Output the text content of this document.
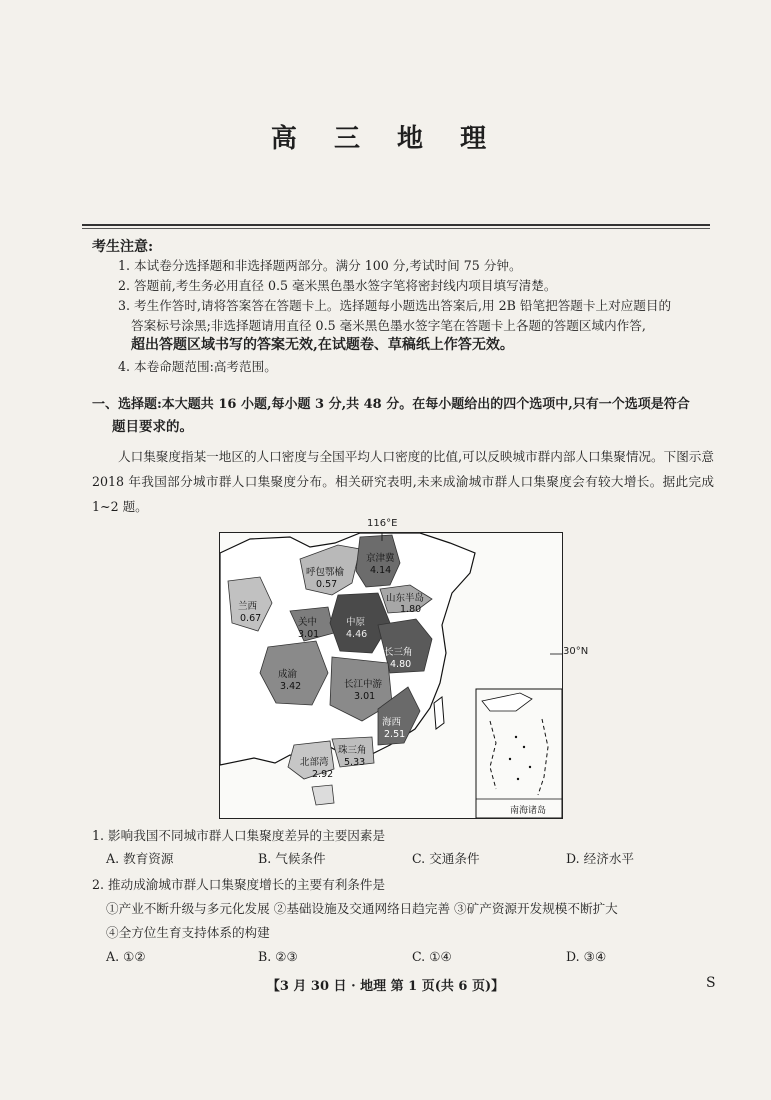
高 三 地 理
考生注意:
1. 本试卷分选择题和非选择题两部分。满分 100 分,考试时间 75 分钟。
2. 答题前,考生务必用直径 0.5 毫米黑色墨水签字笔将密封线内项目填写清楚。
3. 考生作答时,请将答案答在答题卡上。选择题每小题选出答案后,用 2B 铅笔把答题卡上对应题目的
答案标号涂黑;非选择题请用直径 0.5 毫米黑色墨水签字笔在答题卡上各题的答题区域内作答,
超出答题区域书写的答案无效,在试题卷、草稿纸上作答无效。
4. 本卷命题范围:高考范围。
一、选择题:本大题共 16 小题,每小题 3 分,共 48 分。在每小题给出的四个选项中,只有一个选项是符合
题目要求的。
人口集聚度指某一地区的人口密度与全国平均人口密度的比值,可以反映城市群内部人口集聚情况。下图示意 2018 年我国部分城市群人口集聚度分布。相关研究表明,未来成渝城市群人口集聚度会有较大增长。据此完成 1~2 题。
南海诸岛
呼包鄂榆
0.57
京津冀
4.14
山东半岛
1.80
兰西
0.67	关中
3.01
中原
4.46
长三角
4.80
成渝
3.42	长江中游
3.01
海西
2.51
北部湾
2.92
珠三角
5.33
116°E
30°N
1. 影响我国不同城市群人口集聚度差异的主要因素是
A. 教育资源	B. 气候条件	C. 交通条件	D. 经济水平
2. 推动成渝城市群人口集聚度增长的主要有利条件是
①产业不断升级与多元化发展 ②基础设施及交通网络日趋完善 ③矿产资源开发规模不断扩大
④全方位生育支持体系的构建
A. ①②	B. ②③	C. ①④	D. ③④
【3 月 30 日 · 地理 第 1 页(共 6 页)】	S
